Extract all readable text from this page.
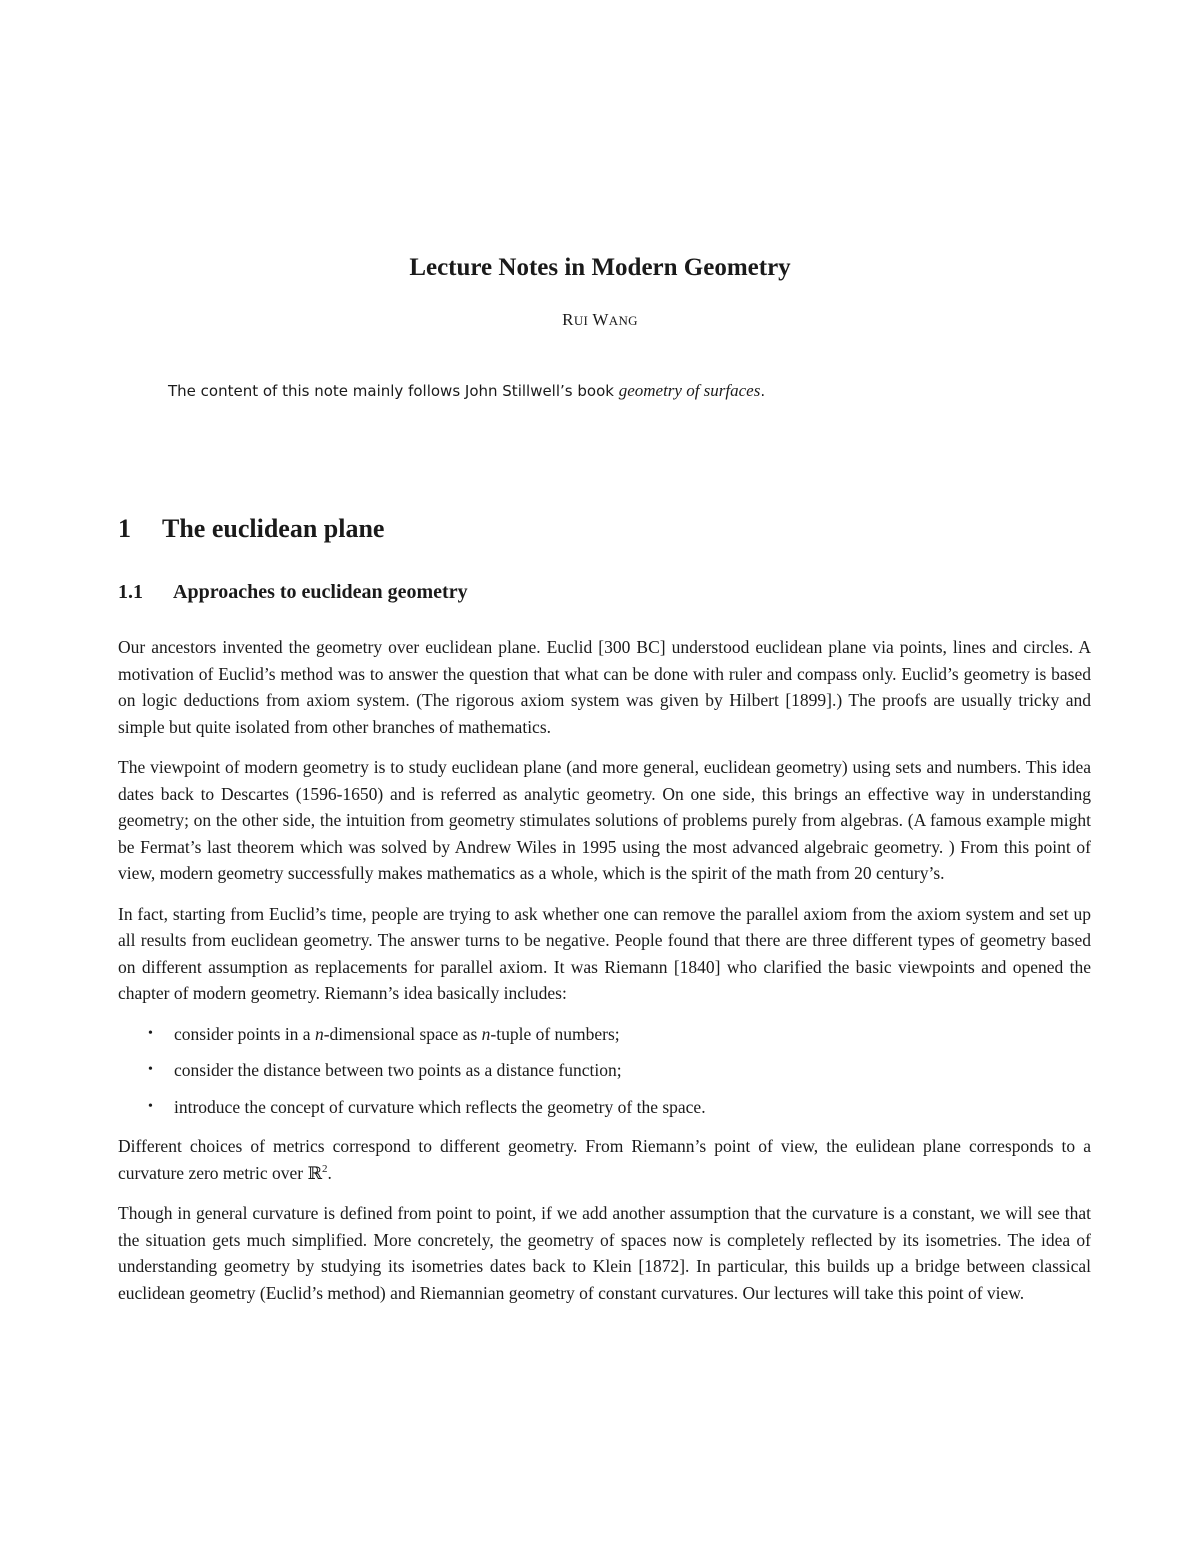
Lecture Notes in Modern Geometry

RUI WANG

The content of this note mainly follows John Stillwell’s book geometry of surfaces.

1 The euclidean plane
1.1 Approaches to euclidean geometry

Our ancestors invented the geometry over euclidean plane. Euclid [300 BC] understood euclidean plane via points, lines and circles. A motivation of Euclid’s method was to answer the question that what can be done with ruler and compass only. Euclid’s geometry is based on logic deductions from axiom system. (The rigorous axiom system was given by Hilbert [1899].) The proofs are usually tricky and simple but quite isolated from other branches of mathematics.

The viewpoint of modern geometry is to study euclidean plane (and more general, euclidean geometry) using sets and numbers. This idea dates back to Descartes (1596-1650) and is referred as analytic geometry. On one side, this brings an effective way in understanding geometry; on the other side, the intuition from geometry stimulates solutions of problems purely from algebras. (A famous example might be Fermat’s last theorem which was solved by Andrew Wiles in 1995 using the most advanced algebraic geometry. ) From this point of view, modern geometry successfully makes mathematics as a whole, which is the spirit of the math from 20 century’s.

In fact, starting from Euclid’s time, people are trying to ask whether one can remove the parallel axiom from the axiom system and set up all results from euclidean geometry. The answer turns to be negative. People found that there are three different types of geometry based on different assumption as replacements for parallel axiom. It was Riemann [1840] who clarified the basic viewpoints and opened the chapter of modern geometry. Riemann’s idea basically includes:

• consider points in a n-dimensional space as n-tuple of numbers;
• consider the distance between two points as a distance function;
• introduce the concept of curvature which reflects the geometry of the space.

Different choices of metrics correspond to different geometry. From Riemann’s point of view, the eulidean plane corresponds to a curvature zero metric over ℝ$^2$.

Though in general curvature is defined from point to point, if we add another assumption that the curvature is a constant, we will see that the situation gets much simplified. More concretely, the geometry of spaces now is completely reflected by its isometries. The idea of understanding geometry by studying its isometries dates back to Klein [1872]. In particular, this builds up a bridge between classical euclidean geometry (Euclid’s method) and Riemannian geometry of constant curvatures. Our lectures will take this point of view.
